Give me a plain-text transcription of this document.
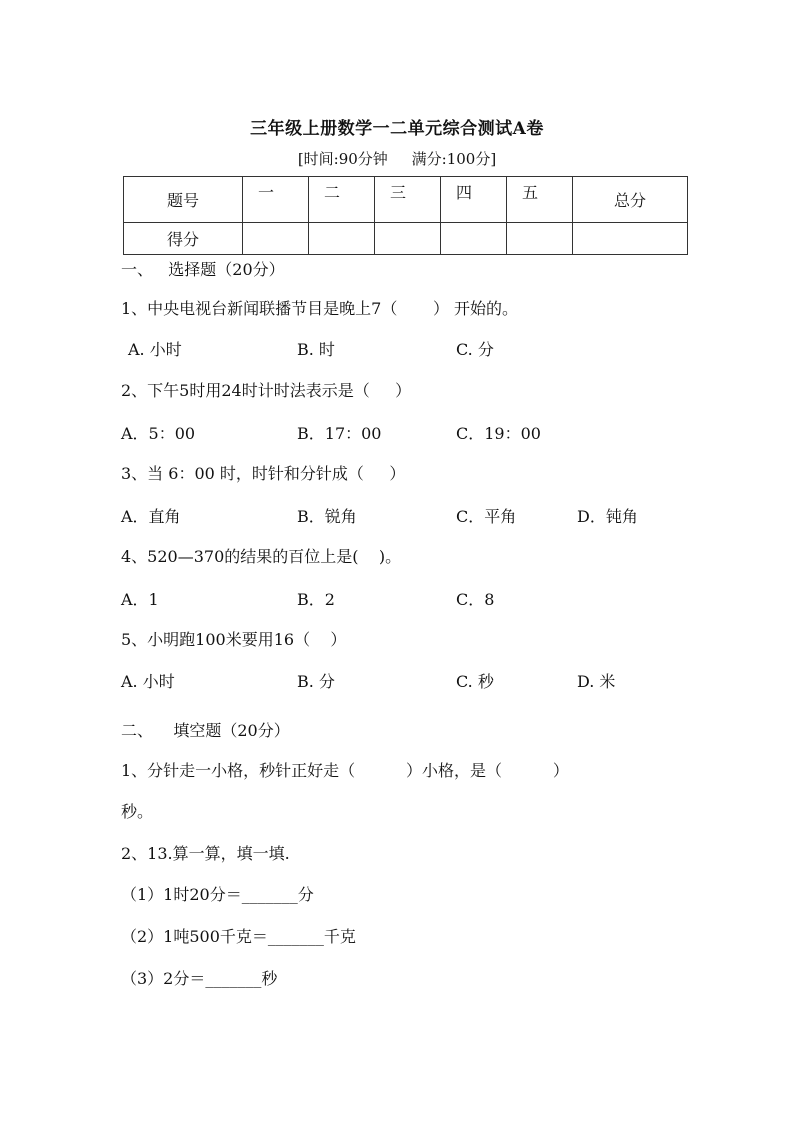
三年级上册数学一二单元综合测试A卷
[时间:90分钟     满分:100分]
题号	一	二	三	四	五	总分
得分						
一、   选择题（20分）
1、中央电视台新闻联播节目是晚上7（       ） 开始的。
A. 小时	B. 时	C. 分
2、下午5时用24时计时法表示是（     ）
A．5：00	B．17：00	C．19：00
3、当 6：00 时，时针和分针成（     ）
A．直角	B．锐角	C．平角	D．钝角
4、520—370的结果的百位上是(    )。
A．1	B．2	C．8
5、小明跑100米要用16（    ）
A. 小时	B. 分	C. 秒	D. 米
二、    填空题（20分）
1、分针走一小格，秒针正好走（          ）小格，是（          ）
秒。
2、13.算一算，填一填.
（1）1时20分＝_______分
（2）1吨500千克＝_______千克
（3）2分＝_______秒
